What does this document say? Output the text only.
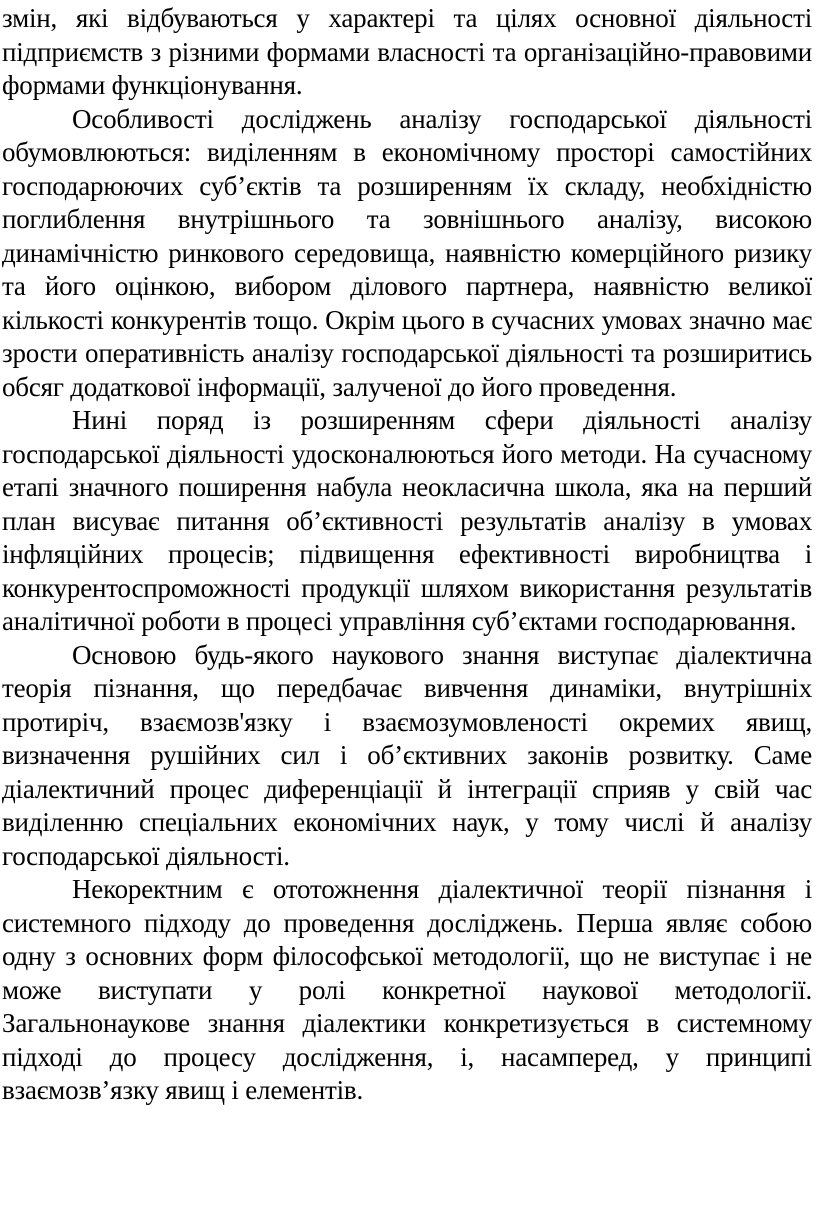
змін, які відбуваються у характері та цілях основної діяльності підприємств з різними формами власності та організаційно-правовими формами функціонування.

Особливості досліджень аналізу господарської діяльності обумовлюються: виділенням в економічному просторі самостійних господарюючих суб’єктів та розширенням їх складу, необхідністю поглиблення внутрішнього та зовнішнього аналізу, високою динамічністю ринкового середовища, наявністю комерційного ризику та його оцінкою, вибором ділового партнера, наявністю великої кількості конкурентів тощо. Окрім цього в сучасних умовах значно має зрости оперативність аналізу господарської діяльності та розширитись обсяг додаткової інформації, залученої до його проведення.

Нині поряд із розширенням сфери діяльності аналізу господарської діяльності удосконалюються його методи. На сучасному етапі значного поширення набула неокласична школа, яка на перший план висуває питання об’єктивності результатів аналізу в умовах інфляційних процесів; підвищення ефективності виробництва і конкурентоспроможності продукції шляхом використання результатів аналітичної роботи в процесі управління суб’єктами господарювання.

Основою будь-якого наукового знання виступає діалектична теорія пізнання, що передбачає вивчення динаміки, внутрішніх протиріч, взаємозв'язку і взаємозумовленості окремих явищ, визначення рушійних сил і об’єктивних законів розвитку. Саме діалектичний процес диференціації й інтеграції сприяв у свій час виділенню спеціальних економічних наук, у тому числі й аналізу господарської діяльності.

Некоректним є ототожнення діалектичної теорії пізнання і системного підходу до проведення досліджень. Перша являє собою одну з основних форм філософської методології, що не виступає і не може виступати у ролі конкретної наукової методології. Загальнонаукове знання діалектики конкретизується в системному підході до процесу дослідження, і, насамперед, у принципі взаємозв’язку явищ і елементів.
